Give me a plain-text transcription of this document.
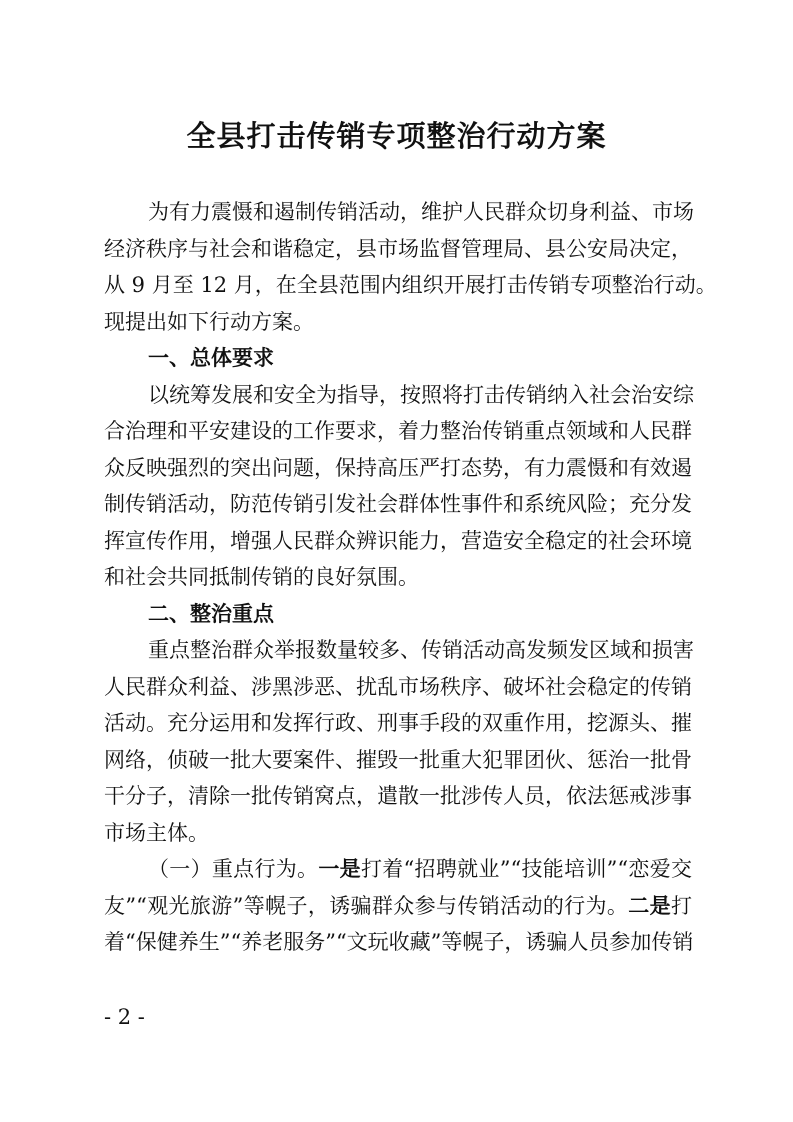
全县打击传销专项整治行动方案
为有力震慑和遏制传销活动，维护人民群众切身利益、市场
经济秩序与社会和谐稳定，县市场监督管理局、县公安局决定，
从 9 月至 12 月，在全县范围内组织开展打击传销专项整治行动。
现提出如下行动方案。
一、总体要求
以统筹发展和安全为指导，按照将打击传销纳入社会治安综
合治理和平安建设的工作要求，着力整治传销重点领域和人民群
众反映强烈的突出问题，保持高压严打态势，有力震慑和有效遏
制传销活动，防范传销引发社会群体性事件和系统风险；充分发
挥宣传作用，增强人民群众辨识能力，营造安全稳定的社会环境
和社会共同抵制传销的良好氛围。
二、整治重点
重点整治群众举报数量较多、传销活动高发频发区域和损害
人民群众利益、涉黑涉恶、扰乱市场秩序、破坏社会稳定的传销
活动。充分运用和发挥行政、刑事手段的双重作用，挖源头、摧
网络，侦破一批大要案件、摧毁一批重大犯罪团伙、惩治一批骨
干分子，清除一批传销窝点，遣散一批涉传人员，依法惩戒涉事
市场主体。
（一）重点行为。一是打着“招聘就业”“技能培训”“恋爱交
友”“观光旅游”等幌子，诱骗群众参与传销活动的行为。二是打
着“保健养生”“养老服务”“文玩收藏”等幌子，诱骗人员参加传销
- 2 -
